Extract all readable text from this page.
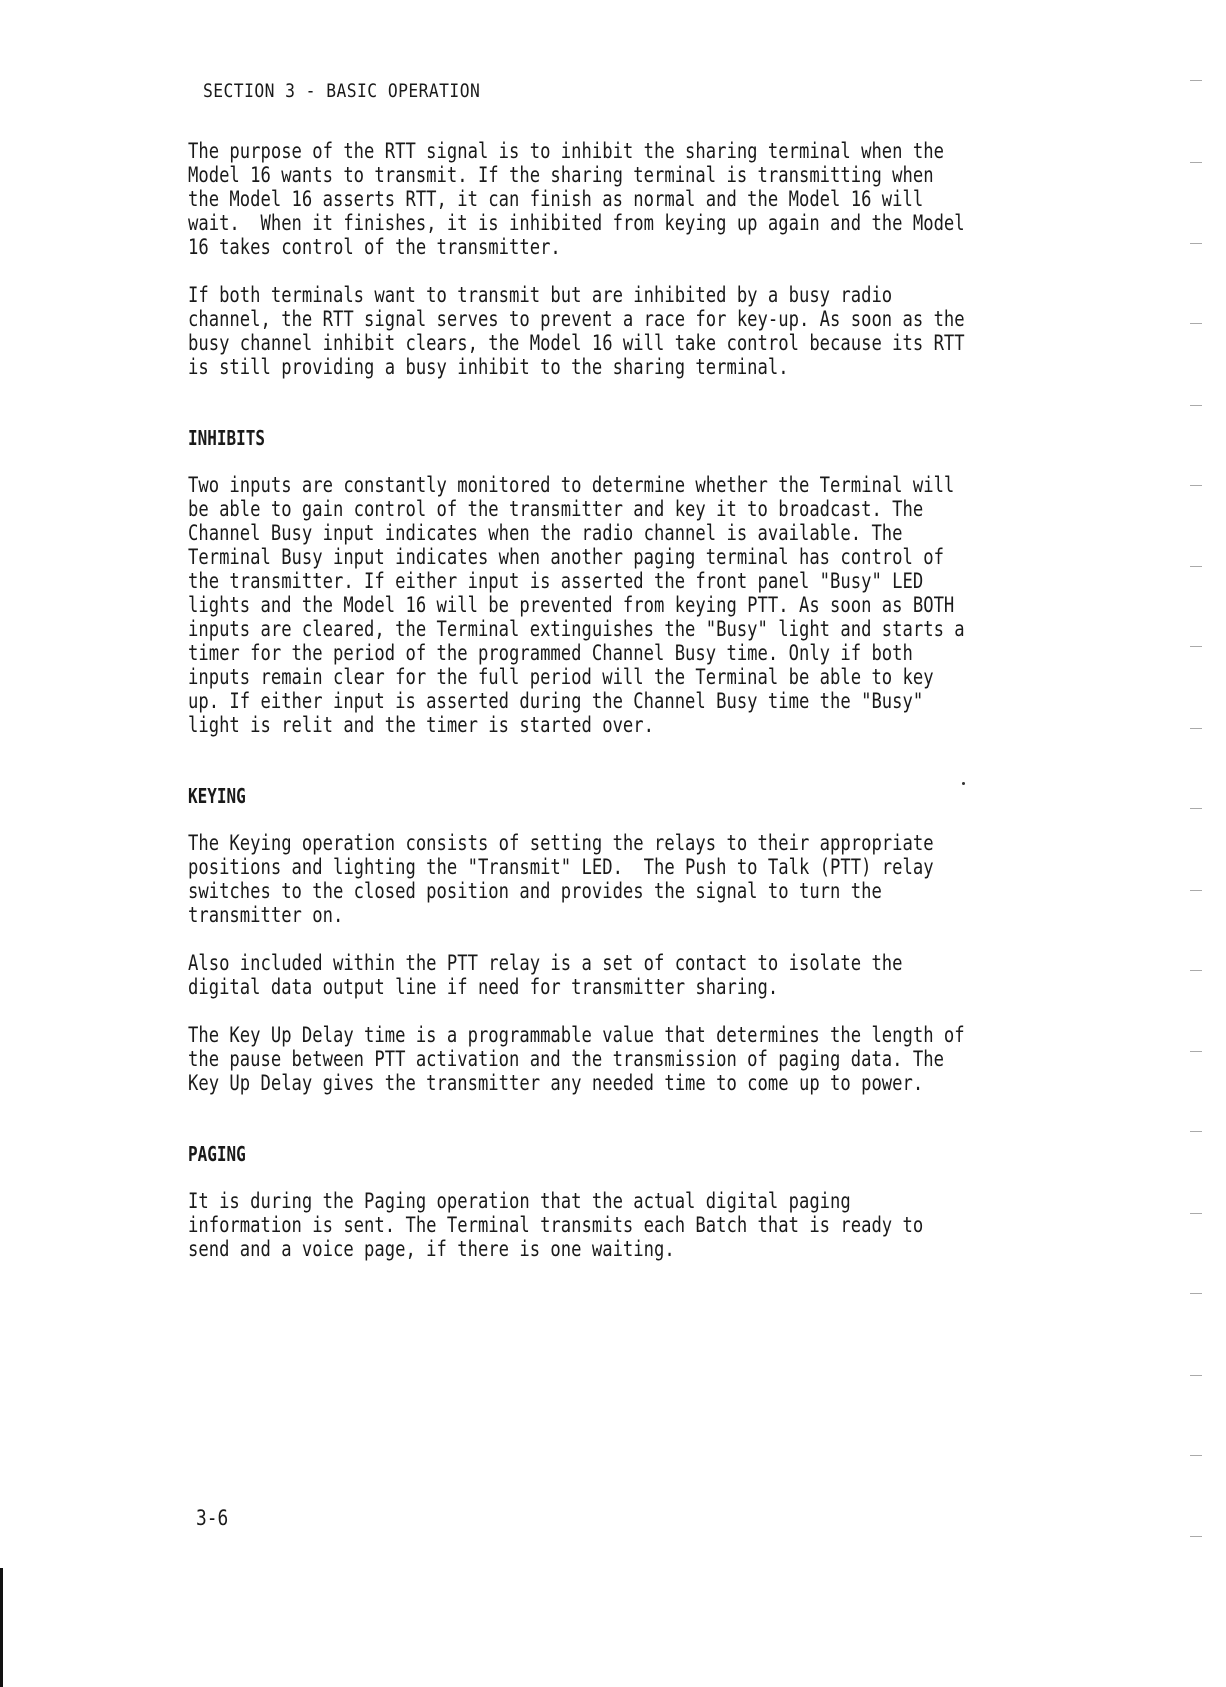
SECTION 3 - BASIC OPERATION

The purpose of the RTT signal is to inhibit the sharing terminal when the
Model 16 wants to transmit. If the sharing terminal is transmitting when
the Model 16 asserts RTT, it can finish as normal and the Model 16 will
wait.  When it finishes, it is inhibited from keying up again and the Model
16 takes control of the transmitter.

If both terminals want to transmit but are inhibited by a busy radio
channel, the RTT signal serves to prevent a race for key-up. As soon as the
busy channel inhibit clears, the Model 16 will take control because its RTT
is still providing a busy inhibit to the sharing terminal.

INHIBITS

Two inputs are constantly monitored to determine whether the Terminal will
be able to gain control of the transmitter and key it to broadcast. The
Channel Busy input indicates when the radio channel is available. The
Terminal Busy input indicates when another paging terminal has control of
the transmitter. If either input is asserted the front panel "Busy" LED
lights and the Model 16 will be prevented from keying PTT. As soon as BOTH
inputs are cleared, the Terminal extinguishes the "Busy" light and starts a
timer for the period of the programmed Channel Busy time. Only if both
inputs remain clear for the full period will the Terminal be able to key
up. If either input is asserted during the Channel Busy time the "Busy"
light is relit and the timer is started over.

KEYING

The Keying operation consists of setting the relays to their appropriate
positions and lighting the "Transmit" LED.  The Push to Talk (PTT) relay
switches to the closed position and provides the signal to turn the
transmitter on.

Also included within the PTT relay is a set of contact to isolate the
digital data output line if need for transmitter sharing.

The Key Up Delay time is a programmable value that determines the length of
the pause between PTT activation and the transmission of paging data. The
Key Up Delay gives the transmitter any needed time to come up to power.

PAGING

It is during the Paging operation that the actual digital paging
information is sent. The Terminal transmits each Batch that is ready to
send and a voice page, if there is one waiting.

3-6
